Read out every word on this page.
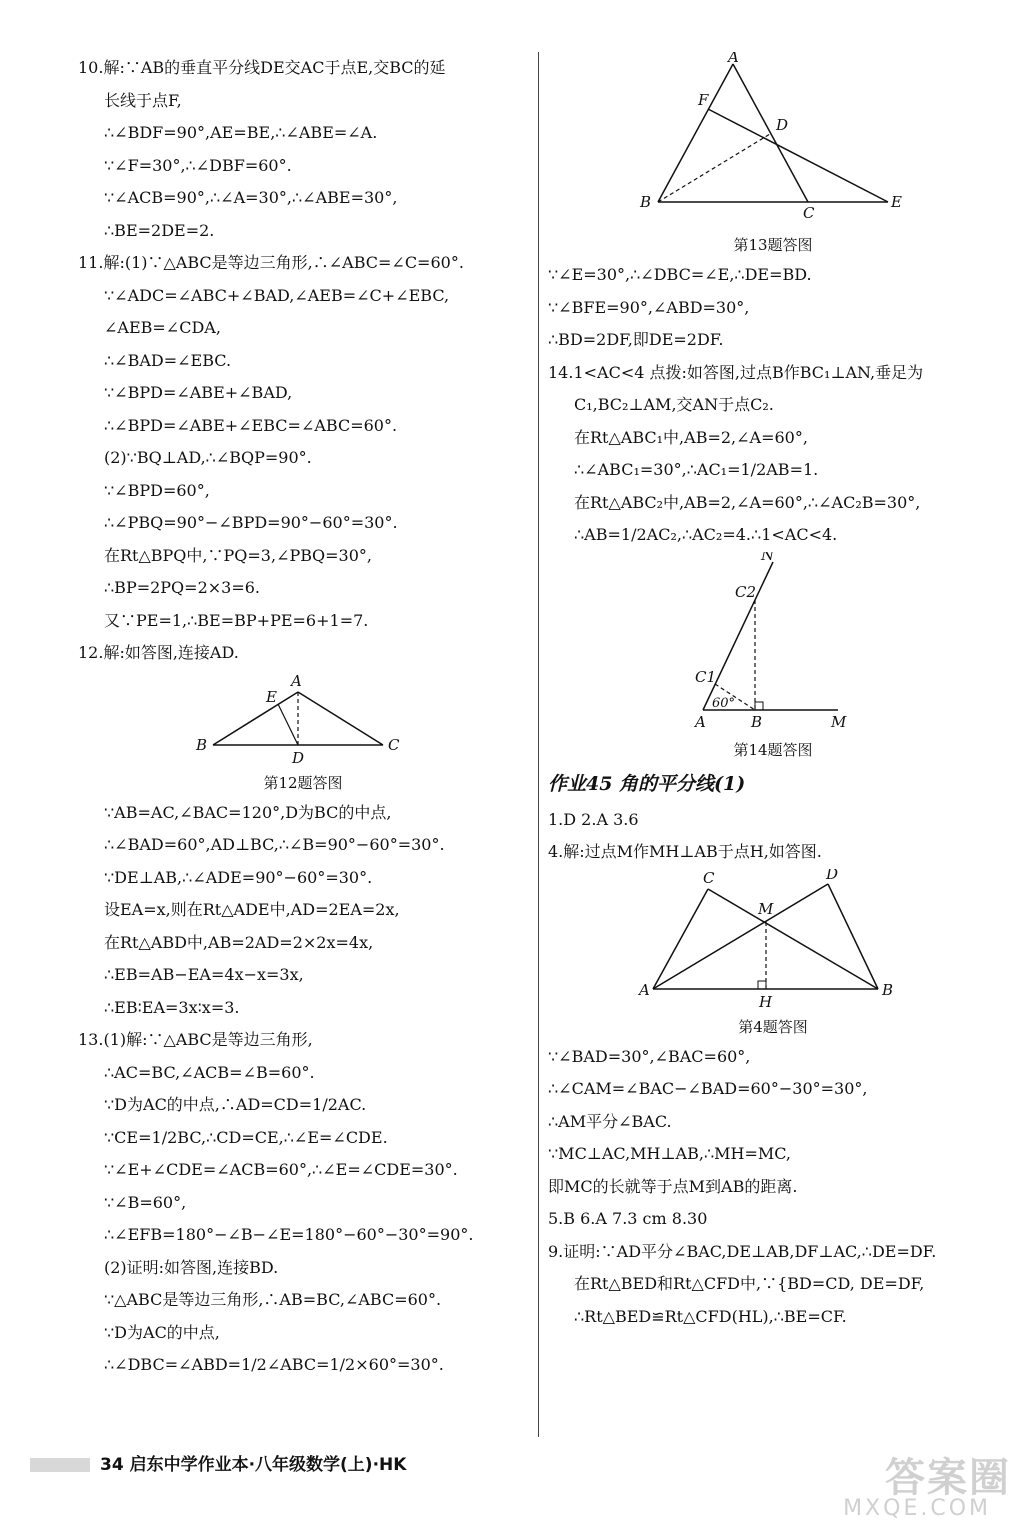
10.解:∵AB的垂直平分线DE交AC于点E,交BC的延
长线于点F,
∴∠BDF=90°,AE=BE,∴∠ABE=∠A.
∵∠F=30°,∴∠DBF=60°.
∵∠ACB=90°,∴∠A=30°,∴∠ABE=30°,
∴BE=2DE=2.
11.解:(1)∵△ABC是等边三角形,∴∠ABC=∠C=60°.
∵∠ADC=∠ABC+∠BAD,∠AEB=∠C+∠EBC,
∠AEB=∠CDA,
∴∠BAD=∠EBC.
∵∠BPD=∠ABE+∠BAD,
∴∠BPD=∠ABE+∠EBC=∠ABC=60°.
(2)∵BQ⊥AD,∴∠BQP=90°.
∵∠BPD=60°,
∴∠PBQ=90°−∠BPD=90°−60°=30°.
在Rt△BPQ中,∵PQ=3,∠PBQ=30°,
∴BP=2PQ=2×3=6.
又∵PE=1,∴BE=BP+PE=6+1=7.
12.解:如答图,连接AD.
E
A
B
D
C
第12题答图
∵AB=AC,∠BAC=120°,D为BC的中点,
∴∠BAD=60°,AD⊥BC,∴∠B=90°−60°=30°.
∵DE⊥AB,∴∠ADE=90°−60°=30°.
设EA=x,则在Rt△ADE中,AD=2EA=2x,
在Rt△ABD中,AB=2AD=2×2x=4x,
∴EB=AB−EA=4x−x=3x,
∴EB∶EA=3x∶x=3.
13.(1)解:∵△ABC是等边三角形,
∴AC=BC,∠ACB=∠B=60°.
∵D为AC的中点,∴AD=CD=1/2AC.
∵CE=1/2BC,∴CD=CE,∴∠E=∠CDE.
∵∠E+∠CDE=∠ACB=60°,∴∠E=∠CDE=30°.
∵∠B=60°,
∴∠EFB=180°−∠B−∠E=180°−60°−30°=90°.
(2)证明:如答图,连接BD.
∵△ABC是等边三角形,∴AB=BC,∠ABC=60°.
∵D为AC的中点,
∴∠DBC=∠ABD=1/2∠ABC=1/2×60°=30°.
A
F
D
B
C
E
第13题答图
∵∠E=30°,∴∠DBC=∠E,∴DE=BD.
∵∠BFE=90°,∠ABD=30°,
∴BD=2DF,即DE=2DF.
14.1<AC<4 点拨:如答图,过点B作BC₁⊥AN,垂足为
C₁,BC₂⊥AM,交AN于点C₂.
在Rt△ABC₁中,AB=2,∠A=60°,
∴∠ABC₁=30°,∴AC₁=1/2AB=1.
在Rt△ABC₂中,AB=2,∠A=60°,∴∠AC₂B=30°,
∴AB=1/2AC₂,∴AC₂=4.∴1<AC<4.
N
C2
C1
60°
A	B	M
第14题答图
作业45 角的平分线(1)
1.D 2.A 3.6
4.解:过点M作MH⊥AB于点H,如答图.
C	D
M
A
H
B
第4题答图
∵∠BAD=30°,∠BAC=60°,
∴∠CAM=∠BAC−∠BAD=60°−30°=30°,
∴AM平分∠BAC.
∵MC⊥AC,MH⊥AB,∴MH=MC,
即MC的长就等于点M到AB的距离.
5.B 6.A 7.3 cm 8.30
9.证明:∵AD平分∠BAC,DE⊥AB,DF⊥AC,∴DE=DF.
在Rt△BED和Rt△CFD中,∵{BD=CD, DE=DF,
∴Rt△BED≌Rt△CFD(HL),∴BE=CF.
34 启东中学作业本·八年级数学(上)·HK	答案圈
MXQE.COM
